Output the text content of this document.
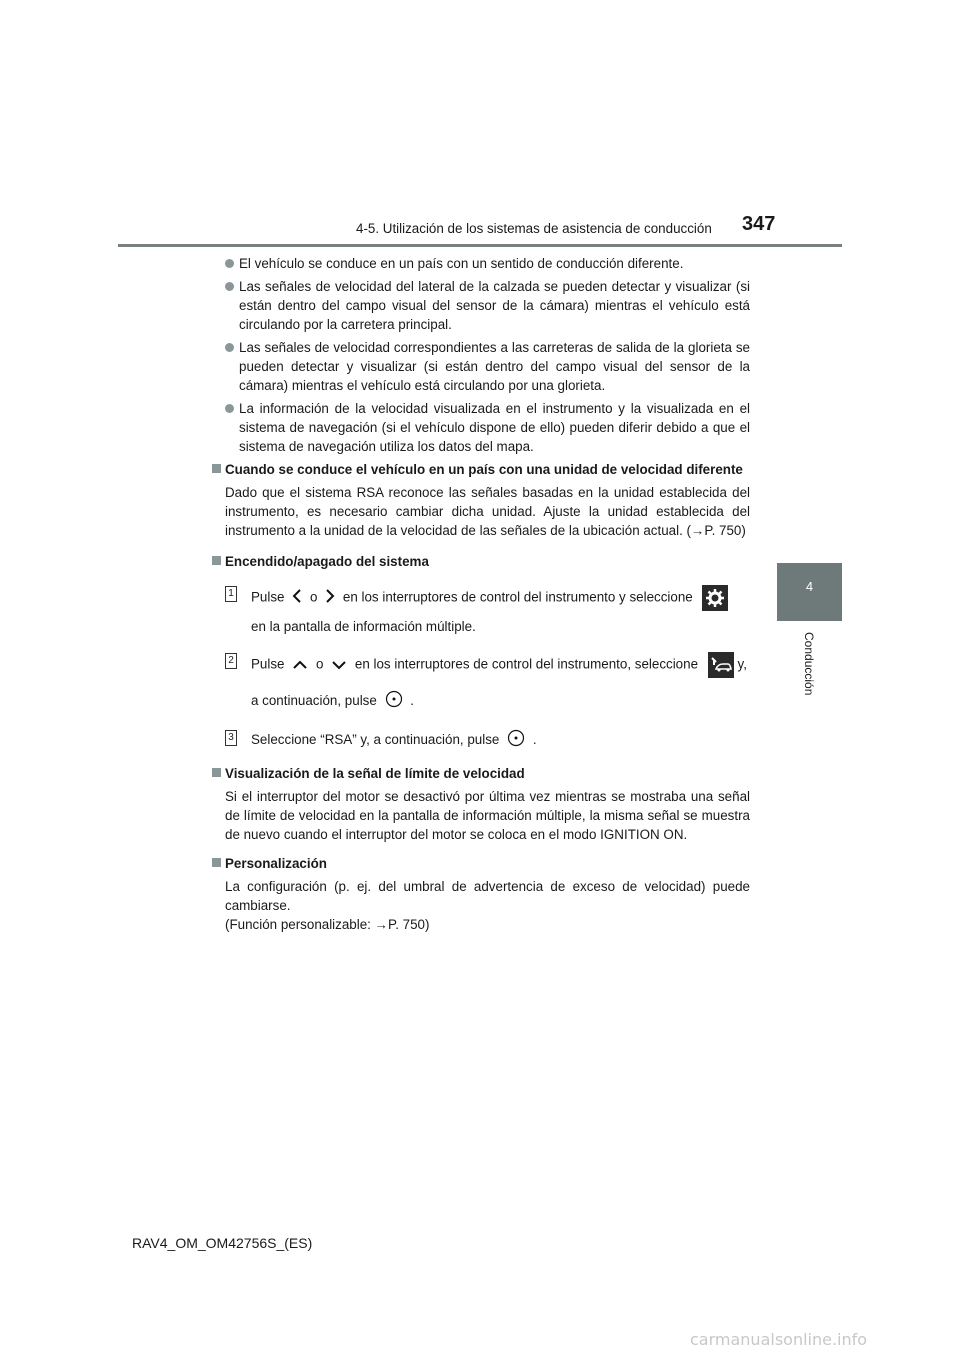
4-5. Utilización de los sistemas de asistencia de conducción 347
4
Conducción
El vehículo se conduce en un país con un sentido de conducción diferente.
Las señales de velocidad del lateral de la calzada se pueden detectar y visualizar (si están dentro del campo visual del sensor de la cámara) mientras el vehículo está circulando por la carretera principal.
Las señales de velocidad correspondientes a las carreteras de salida de la glorieta se pueden detectar y visualizar (si están dentro del campo visual del sensor de la cámara) mientras el vehículo está circulando por una glorieta.
La información de la velocidad visualizada en el instrumento y la visualizada en el sistema de navegación (si el vehículo dispone de ello) pueden diferir debido a que el sistema de navegación utiliza los datos del mapa.
Cuando se conduce el vehículo en un país con una unidad de velocidad diferente
Dado que el sistema RSA reconoce las señales basadas en la unidad establecida del instrumento, es necesario cambiar dicha unidad. Ajuste la unidad establecida del instrumento a la unidad de la velocidad de las señales de la ubicación actual. (→P. 750)
Encendido/apagado del sistema
1 Pulse o en los interruptores de control del instrumento y seleccione
en la pantalla de información múltiple.
2 Pulse o en los interruptores de control del instrumento, seleccione	y,
a continuación, pulse .
3 Seleccione “RSA” y, a continuación, pulse .
Visualización de la señal de límite de velocidad
Si el interruptor del motor se desactivó por última vez mientras se mostraba una señal de límite de velocidad en la pantalla de información múltiple, la misma señal se muestra de nuevo cuando el interruptor del motor se coloca en el modo IGNITION ON.
Personalización
La configuración (p. ej. del umbral de advertencia de exceso de velocidad) puede cambiarse.
(Función personalizable: →P. 750)
RAV4_OM_OM42756S_(ES)
carmanualsonline.info
